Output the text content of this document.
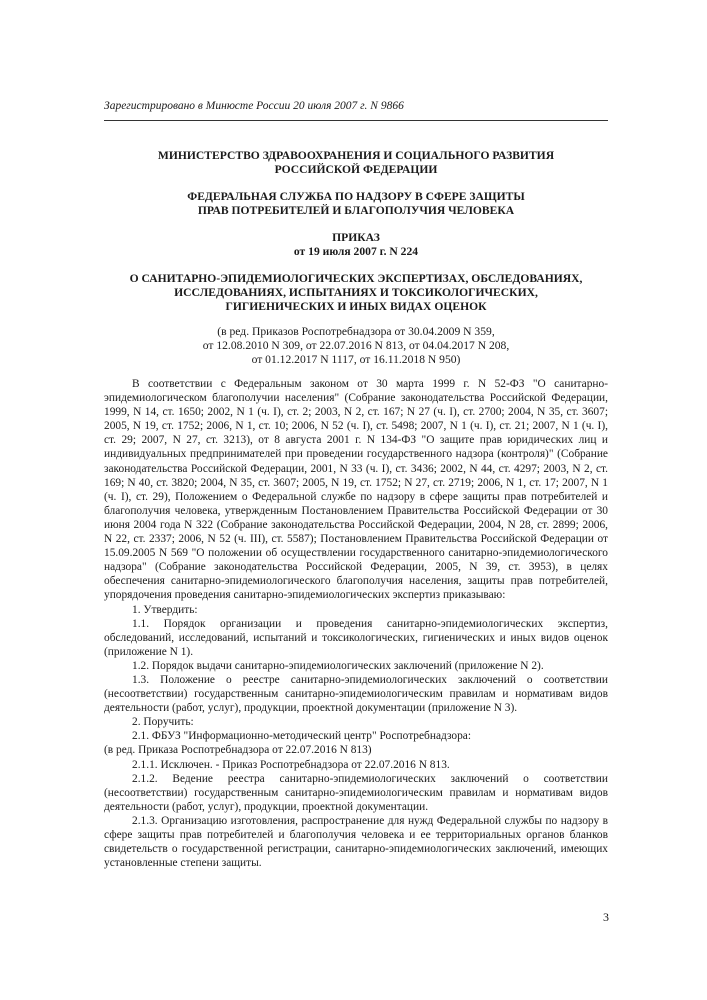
Зарегистрировано в Минюсте России 20 июля 2007 г. N 9866
МИНИСТЕРСТВО ЗДРАВООХРАНЕНИЯ И СОЦИАЛЬНОГО РАЗВИТИЯ
РОССИЙСКОЙ ФЕДЕРАЦИИ
ФЕДЕРАЛЬНАЯ СЛУЖБА ПО НАДЗОРУ В СФЕРЕ ЗАЩИТЫ
ПРАВ ПОТРЕБИТЕЛЕЙ И БЛАГОПОЛУЧИЯ ЧЕЛОВЕКА
ПРИКАЗ
от 19 июля 2007 г. N 224
О САНИТАРНО-ЭПИДЕМИОЛОГИЧЕСКИХ ЭКСПЕРТИЗАХ, ОБСЛЕДОВАНИЯХ,
ИССЛЕДОВАНИЯХ, ИСПЫТАНИЯХ И ТОКСИКОЛОГИЧЕСКИХ,
ГИГИЕНИЧЕСКИХ И ИНЫХ ВИДАХ ОЦЕНОК
(в ред. Приказов Роспотребнадзора от 30.04.2009 N 359,
от 12.08.2010 N 309, от 22.07.2016 N 813, от 04.04.2017 N 208,
от 01.12.2017 N 1117, от 16.11.2018 N 950)

В соответствии с Федеральным законом от 30 марта 1999 г. N 52-ФЗ "О санитарно-эпидемиологическом благополучии населения" (Собрание законодательства Российской Федерации, 1999, N 14, ст. 1650; 2002, N 1 (ч. I), ст. 2; 2003, N 2, ст. 167; N 27 (ч. I), ст. 2700; 2004, N 35, ст. 3607; 2005, N 19, ст. 1752; 2006, N 1, ст. 10; 2006, N 52 (ч. I), ст. 5498; 2007, N 1 (ч. I), ст. 21; 2007, N 1 (ч. I), ст. 29; 2007, N 27, ст. 3213), от 8 августа 2001 г. N 134-ФЗ "О защите прав юридических лиц и индивидуальных предпринимателей при проведении государственного надзора (контроля)" (Собрание законодательства Российской Федерации, 2001, N 33 (ч. I), ст. 3436; 2002, N 44, ст. 4297; 2003, N 2, ст. 169; N 40, ст. 3820; 2004, N 35, ст. 3607; 2005, N 19, ст. 1752; N 27, ст. 2719; 2006, N 1, ст. 17; 2007, N 1 (ч. I), ст. 29), Положением о Федеральной службе по надзору в сфере защиты прав потребителей и благополучия человека, утвержденным Постановлением Правительства Российской Федерации от 30 июня 2004 года N 322 (Собрание законодательства Российской Федерации, 2004, N 28, ст. 2899; 2006, N 22, ст. 2337; 2006, N 52 (ч. III), ст. 5587); Постановлением Правительства Российской Федерации от 15.09.2005 N 569 "О положении об осуществлении государственного санитарно-эпидемиологического надзора" (Собрание законодательства Российской Федерации, 2005, N 39, ст. 3953), в целях обеспечения санитарно-эпидемиологического благополучия населения, защиты прав потребителей, упорядочения проведения санитарно-эпидемиологических экспертиз приказываю:

1. Утвердить:

1.1. Порядок организации и проведения санитарно-эпидемиологических экспертиз, обследований, исследований, испытаний и токсикологических, гигиенических и иных видов оценок (приложение N 1).

1.2. Порядок выдачи санитарно-эпидемиологических заключений (приложение N 2).

1.3. Положение о реестре санитарно-эпидемиологических заключений о соответствии (несоответствии) государственным санитарно-эпидемиологическим правилам и нормативам видов деятельности (работ, услуг), продукции, проектной документации (приложение N 3).

2. Поручить:

2.1. ФБУЗ "Информационно-методический центр" Роспотребнадзора:

(в ред. Приказа Роспотребнадзора от 22.07.2016 N 813)

2.1.1. Исключен. - Приказ Роспотребнадзора от 22.07.2016 N 813.

2.1.2. Ведение реестра санитарно-эпидемиологических заключений о соответствии (несоответствии) государственным санитарно-эпидемиологическим правилам и нормативам видов деятельности (работ, услуг), продукции, проектной документации.

2.1.3. Организацию изготовления, распространение для нужд Федеральной службы по надзору в сфере защиты прав потребителей и благополучия человека и ее территориальных органов бланков свидетельств о государственной регистрации, санитарно-эпидемиологических заключений, имеющих установленные степени защиты.

3
